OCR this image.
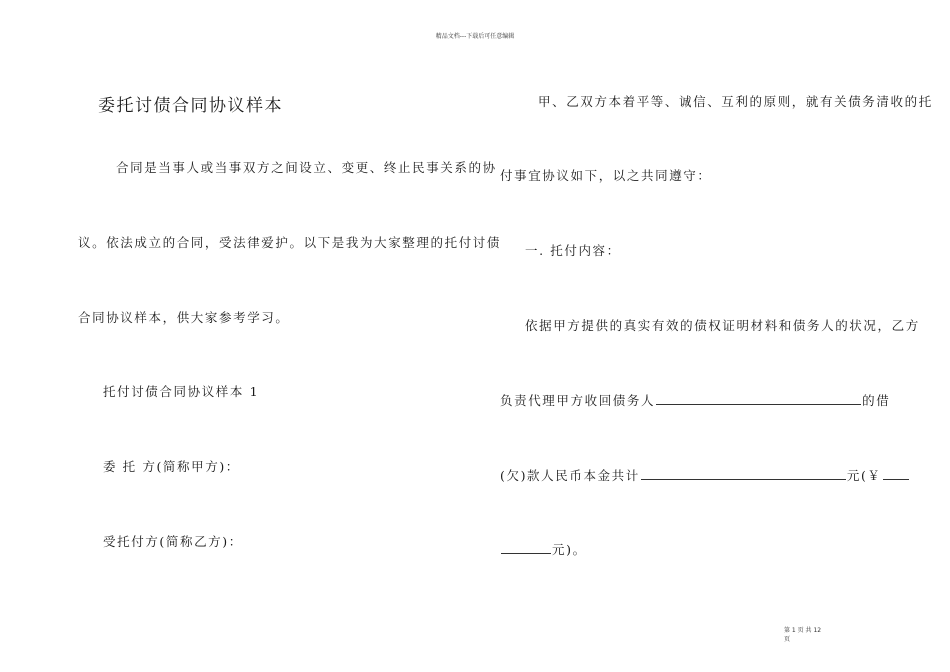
精品文档---下载后可任意编辑
委托讨债合同协议样本
合同是当事人或当事双方之间设立、变更、终止民事关系的协
议。依法成立的合同，受法律爱护。以下是我为大家整理的托付讨债
合同协议样本，供大家参考学习。
托付讨债合同协议样本 1
委 托 方(简称甲方)：
受托付方(简称乙方)：
甲、乙双方本着平等、诚信、互利的原则，就有关债务清收的托
付事宜协议如下，以之共同遵守：
一. 托付内容：
依据甲方提供的真实有效的债权证明材料和债务人的状况，乙方
负责代理甲方收回债务人	的借
(欠)款人民币本金共计	元(￥
元)。
第 1 页 共 12
页
